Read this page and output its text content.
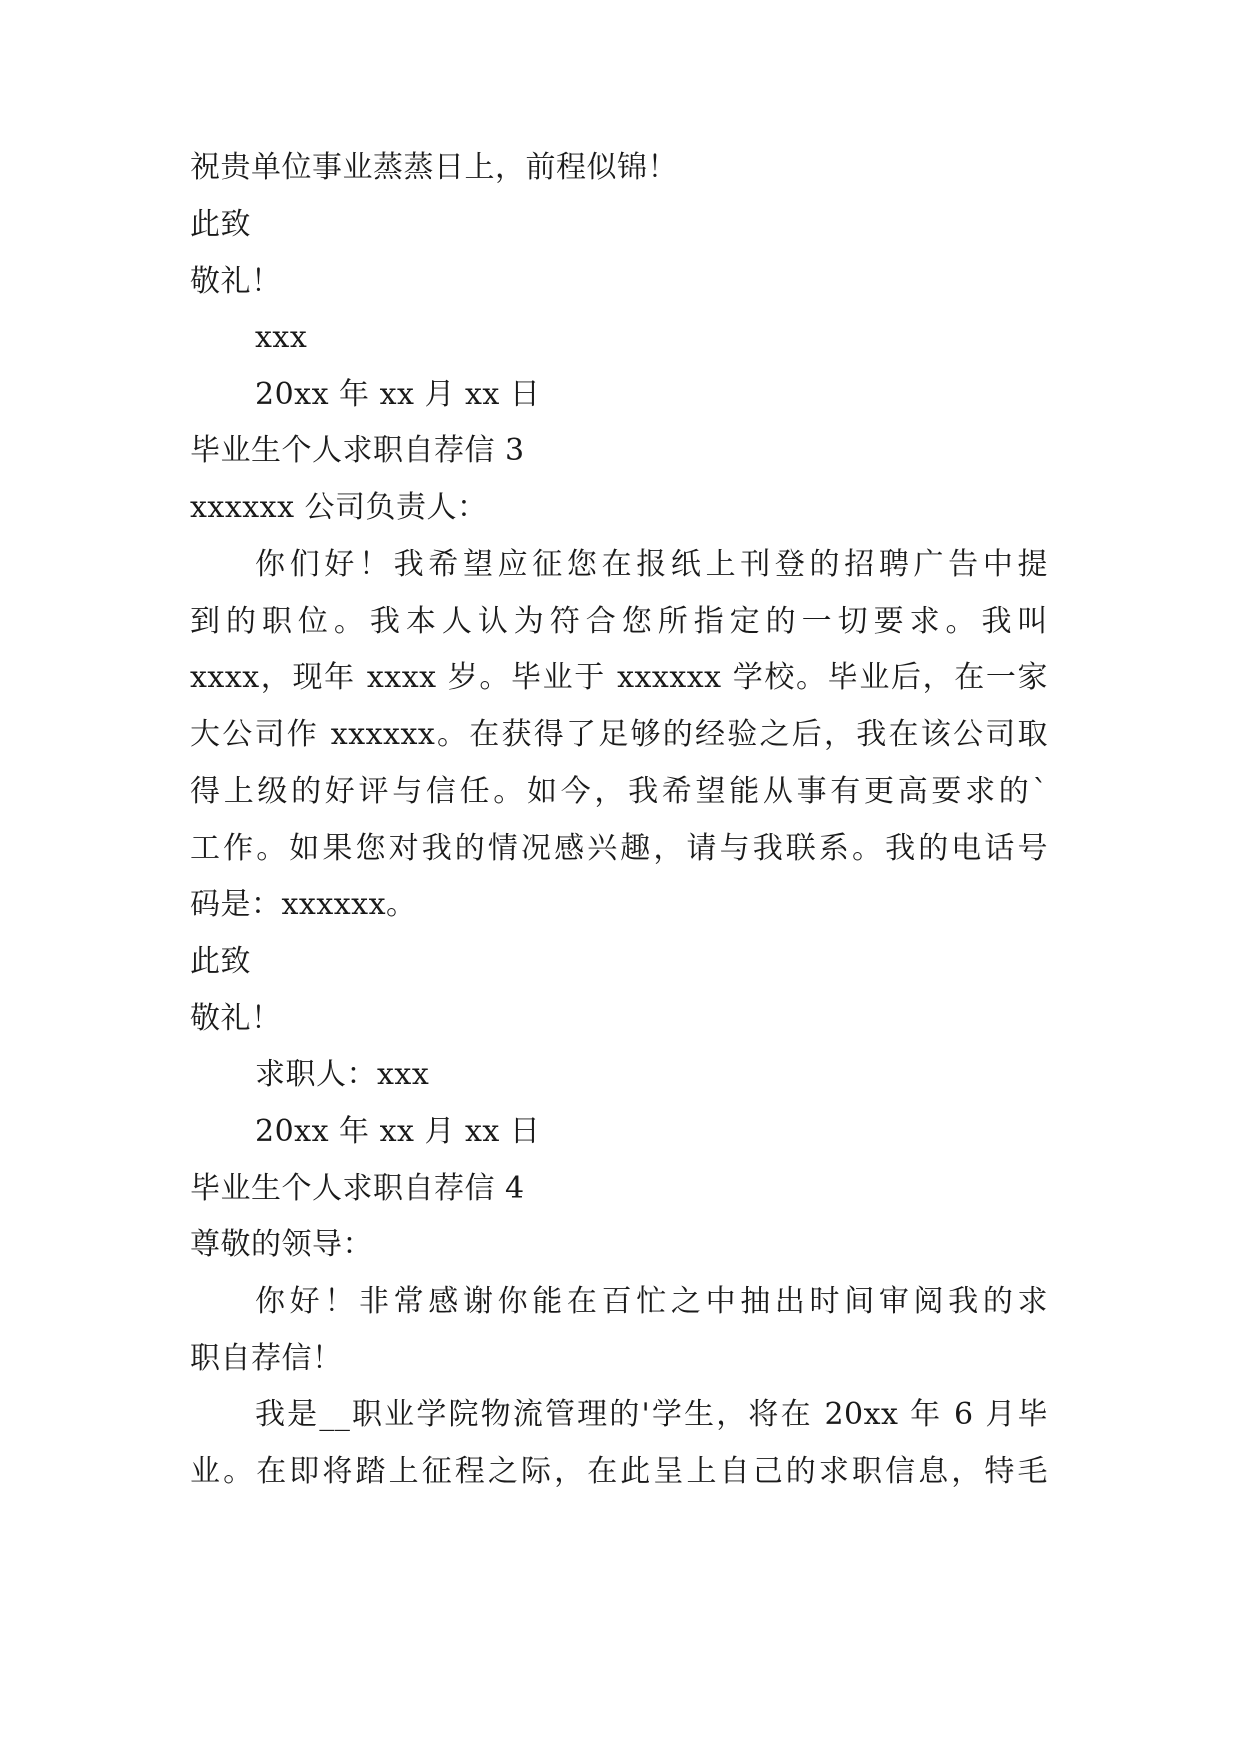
祝贵单位事业蒸蒸日上，前程似锦！
此致
敬礼！
xxx
20xx 年 xx 月 xx 日
毕业生个人求职自荐信 3
xxxxxx 公司负责人：
你们好！我希望应征您在报纸上刊登的招聘广告中提
到的职位。我本人认为符合您所指定的一切要求。我叫
xxxx，现年 xxxx 岁。毕业于 xxxxxx 学校。毕业后，在一家
大公司作 xxxxxx。在获得了足够的经验之后，我在该公司取
得上级的好评与信任。如今，我希望能从事有更高要求的`
工作。如果您对我的情况感兴趣，请与我联系。我的电话号
码是：xxxxxx。
此致
敬礼！
求职人：xxx
20xx 年 xx 月 xx 日
毕业生个人求职自荐信 4
尊敬的领导：
你好！非常感谢你能在百忙之中抽出时间审阅我的求
职自荐信！
我是__职业学院物流管理的'学生，将在 20xx 年 6 月毕
业。在即将踏上征程之际，在此呈上自己的求职信息，特毛
